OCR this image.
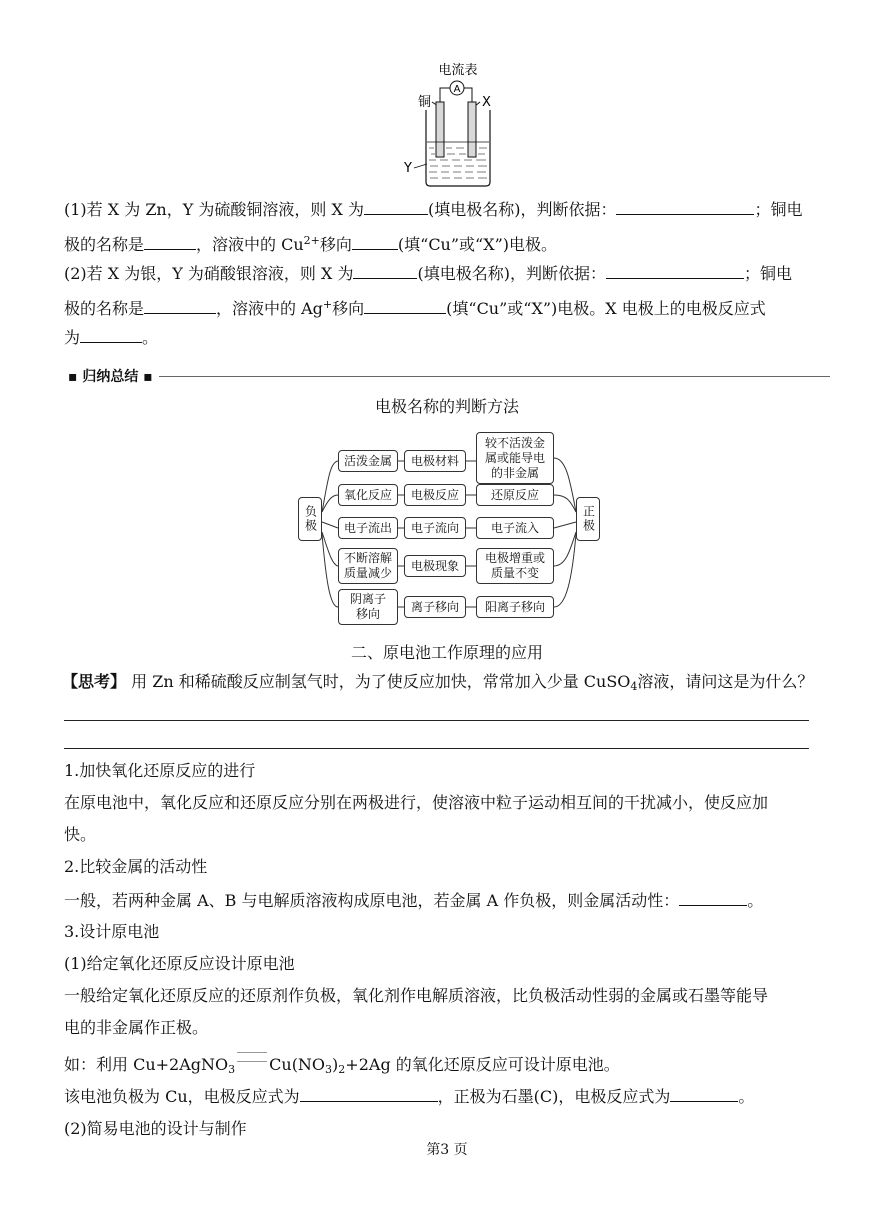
电流表
A
铜	X
Y
(1)若 X 为 Zn，Y 为硫酸铜溶液，则 X 为	(填电极名称)，判断依据：	；铜电
极的名称是	，溶液中的 $Cu^{2+}$移向	(填“Cu”或“X”)电极。
(2)若 X 为银，Y 为硝酸银溶液，则 X 为	(填电极名称)，判断依据：	；铜电
极的名称是	，溶液中的 Ag+移向	(填“Cu”或“X”)电极。X 电极上的电极反应式
为	。
▪ 归纳总结 ▪
电极名称的判断方法
负极	正极
活泼金属	电极材料
较不活泼金属或能导电的非金属
氧化反应	电极反应	还原反应
电子流出	电子流向	电子流入
不断溶解质量减少
电极现象
电极增重或质量不变
阴离子移向
离子移向	阳离子移向
二、原电池工作原理的应用
【思考】 用 Zn 和稀硫酸反应制氢气时，为了使反应加快，常常加入少量 CuSO$_4$溶液，请问这是为什么？
1.加快氧化还原反应的进行
在原电池中，氧化反应和还原反应分别在两极进行，使溶液中粒子运动相互间的干扰减小，使反应加
快。
2.比较金属的活动性
一般，若两种金属 A、B 与电解质溶液构成原电池，若金属 A 作负极，则金属活动性：	。
3.设计原电池
(1)给定氧化还原反应设计原电池
一般给定氧化还原反应的还原剂作负极，氧化剂作电解质溶液，比负极活动性弱的金属或石墨等能导
电的非金属作正极。
如：利用 Cu+2AgNO$_3$ $Cu(NO_3)_2+2Ag$ 的氧化还原反应可设计原电池。
该电池负极为 Cu，电极反应式为	，正极为石墨(C)，电极反应式为	。
(2)简易电池的设计与制作
第3 页
